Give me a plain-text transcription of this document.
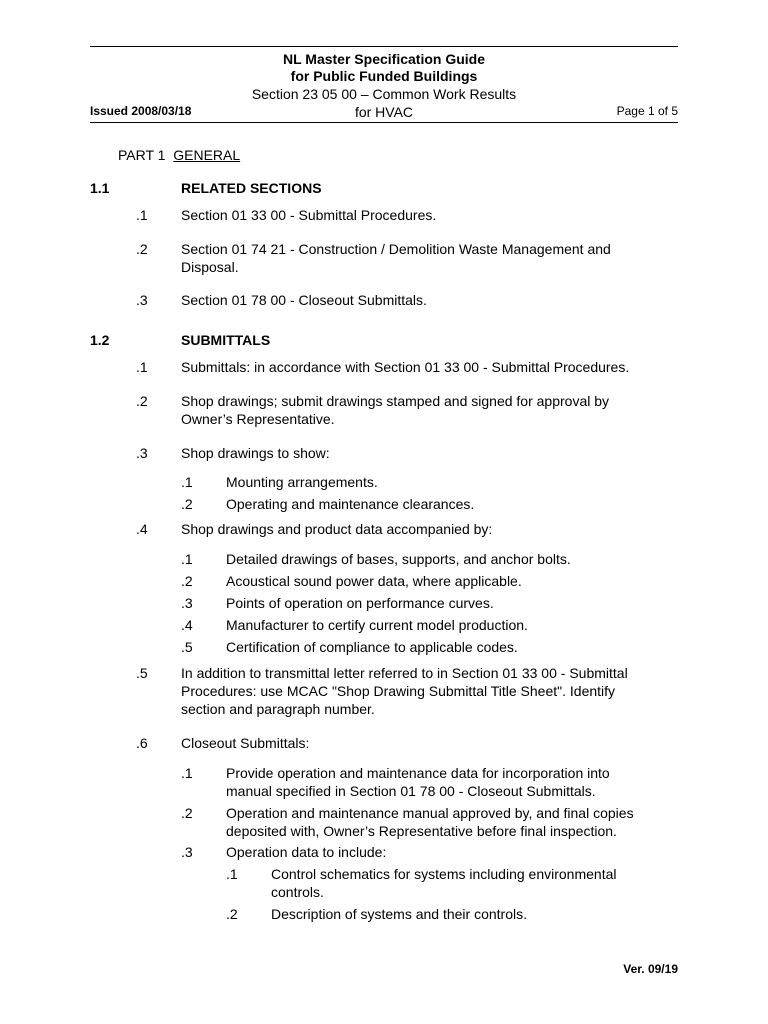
NL Master Specification Guide
for Public Funded Buildings
Section 23 05 00 – Common Work Results
for HVAC
Issued 2008/03/18	Page 1 of 5
PART 1 GENERAL
1.1	RELATED SECTIONS
.1 Section 01 33 00 - Submittal Procedures.
.2 Section 01 74 21 - Construction / Demolition Waste Management and
Disposal.
.3 Section 01 78 00 - Closeout Submittals.
1.2	SUBMITTALS
.1 Submittals: in accordance with Section 01 33 00 - Submittal Procedures.
.2 Shop drawings; submit drawings stamped and signed for approval by
Owner’s Representative.
.3 Shop drawings to show:
.1 Mounting arrangements.
.2 Operating and maintenance clearances.
.4 Shop drawings and product data accompanied by:
.1 Detailed drawings of bases, supports, and anchor bolts.
.2 Acoustical sound power data, where applicable.
.3 Points of operation on performance curves.
.4 Manufacturer to certify current model production.
.5 Certification of compliance to applicable codes.
.5 In addition to transmittal letter referred to in Section 01 33 00 - Submittal
Procedures: use MCAC "Shop Drawing Submittal Title Sheet". Identify
section and paragraph number.
.6 Closeout Submittals:
.1 Provide operation and maintenance data for incorporation into
manual specified in Section 01 78 00 - Closeout Submittals.
.2 Operation and maintenance manual approved by, and final copies
deposited with, Owner’s Representative before final inspection.
.3 Operation data to include:
.1 Control schematics for systems including environmental
controls.
.2 Description of systems and their controls.
Ver. 09/19
